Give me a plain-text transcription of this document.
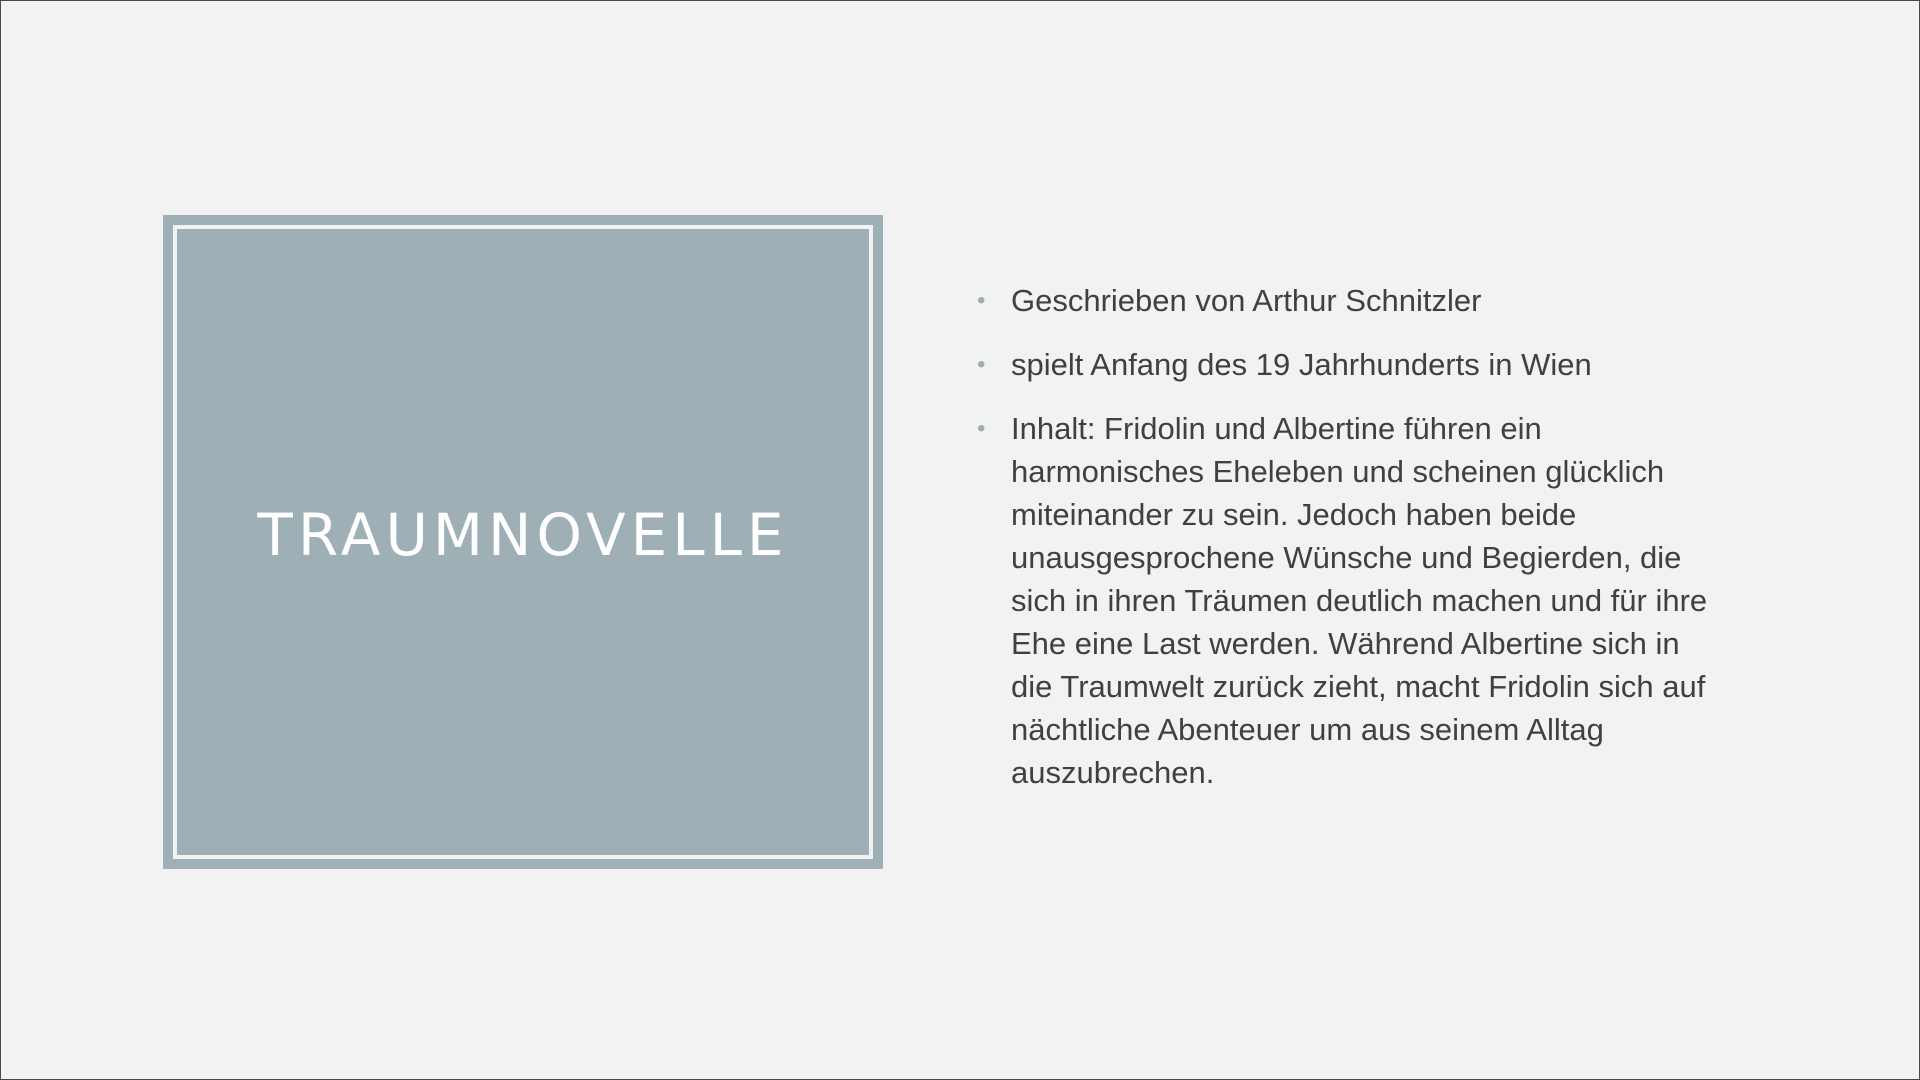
TRAUMNOVELLE
• Geschrieben von Arthur Schnitzler
• spielt Anfang des 19 Jahrhunderts in Wien
• Inhalt: Fridolin und Albertine führen ein harmonisches Eheleben und scheinen glücklich miteinander zu sein. Jedoch haben beide unausgesprochene Wünsche und Begierden, die sich in ihren Träumen deutlich machen und für ihre Ehe eine Last werden. Während Albertine sich in die Traumwelt zurück zieht, macht Fridolin sich auf nächtliche Abenteuer um aus seinem Alltag auszubrechen.
